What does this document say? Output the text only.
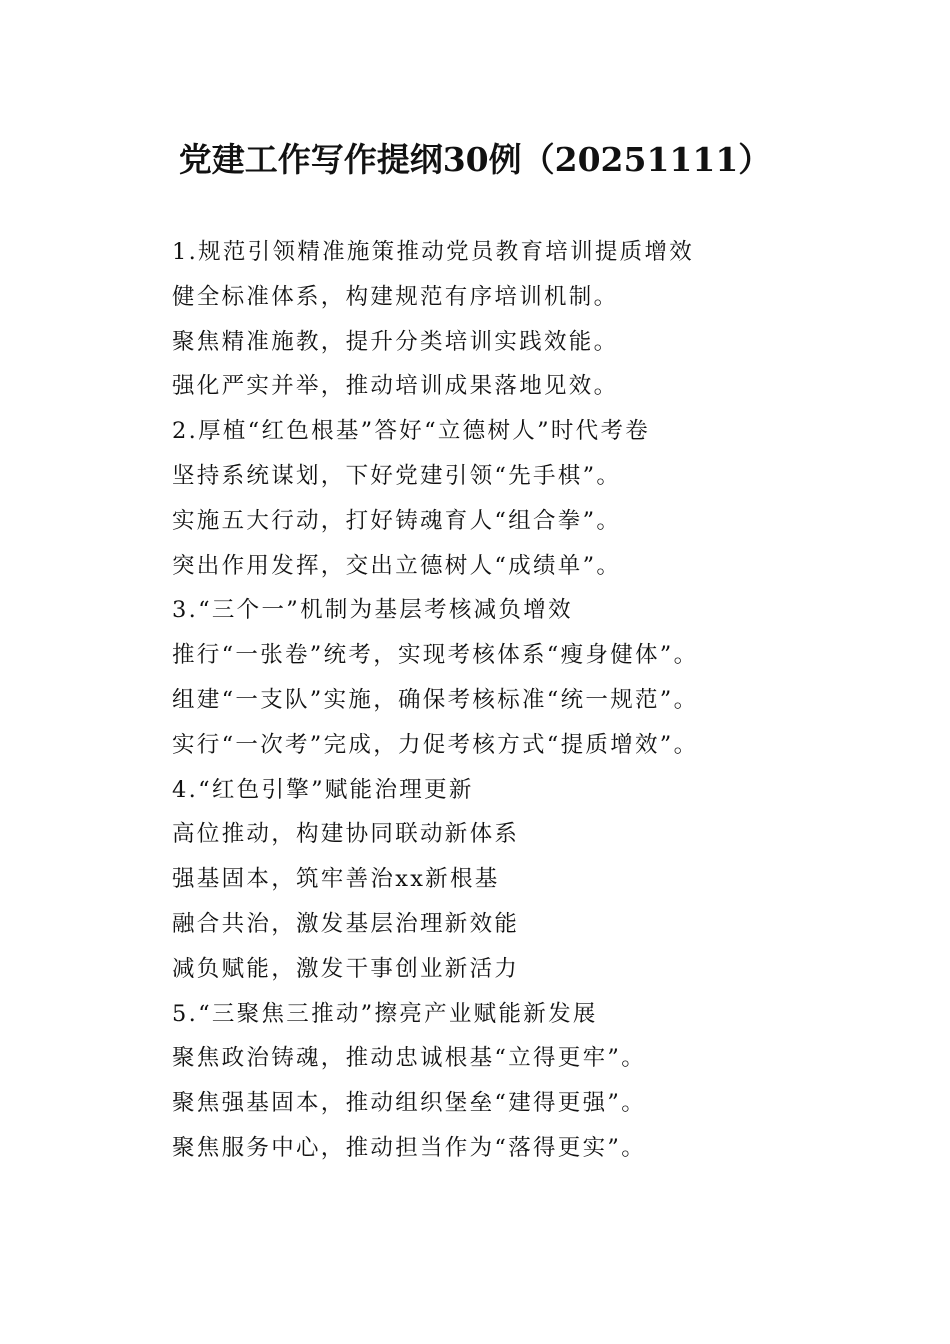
党建工作写作提纲30例（20251111）
1.规范引领精准施策推动党员教育培训提质增效
健全标准体系，构建规范有序培训机制。
聚焦精准施教，提升分类培训实践效能。
强化严实并举，推动培训成果落地见效。
2.厚植“红色根基”答好“立德树人”时代考卷
坚持系统谋划，下好党建引领“先手棋”。
实施五大行动，打好铸魂育人“组合拳”。
突出作用发挥，交出立德树人“成绩单”。
3.“三个一”机制为基层考核减负增效
推行“一张卷”统考，实现考核体系“瘦身健体”。
组建“一支队”实施，确保考核标准“统一规范”。
实行“一次考”完成，力促考核方式“提质增效”。
4.“红色引擎”赋能治理更新
高位推动，构建协同联动新体系
强基固本，筑牢善治xx新根基
融合共治，激发基层治理新效能
减负赋能，激发干事创业新活力
5.“三聚焦三推动”擦亮产业赋能新发展
聚焦政治铸魂，推动忠诚根基“立得更牢”。
聚焦强基固本，推动组织堡垒“建得更强”。
聚焦服务中心，推动担当作为“落得更实”。
